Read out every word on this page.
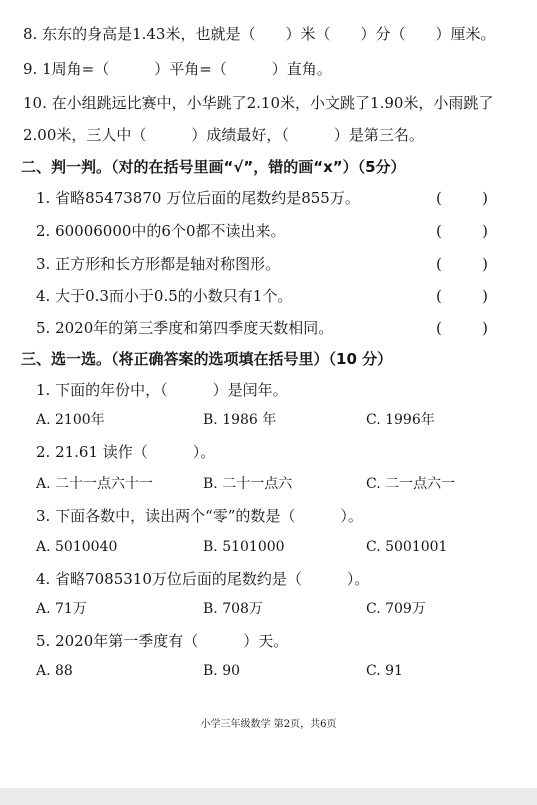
8. 东东的身高是1.43米，也就是（　　）米（　　）分（　　）厘米。
9. 1周角=（　　　）平角=（　　　）直角。
10. 在小组跳远比赛中，小华跳了2.10米，小文跳了1.90米，小雨跳了
2.00米，三人中（　　　）成绩最好，（　　　）是第三名。
二、判一判。（对的在括号里画“√”，错的画“x”）（5分）
1. 省略85473870 万位后面的尾数约是855万。	(	)
2. 60006000中的6个0都不读出来。	(	)
3. 正方形和长方形都是轴对称图形。	(	)
4. 大于0.3而小于0.5的小数只有1个。	(	)
5. 2020年的第三季度和第四季度天数相同。	(	)
三、选一选。（将正确答案的选项填在括号里）（10 分）
1. 下面的年份中，（　　　）是闰年。
A. 2100年	B. 1986 年	C. 1996年
2. 21.61 读作（　　　）。
A. 二十一点六十一	B. 二十一点六	C. 二一点六一
3. 下面各数中，读出两个“零”的数是（　　　）。
A. 5010040	B. 5101000	C. 5001001
4. 省略7085310万位后面的尾数约是（　　　）。
A. 71万	B. 708万	C. 709万
5. 2020年第一季度有（　　　）天。
A. 88	B. 90	C. 91
小学三年级数学 第2页，共6页
